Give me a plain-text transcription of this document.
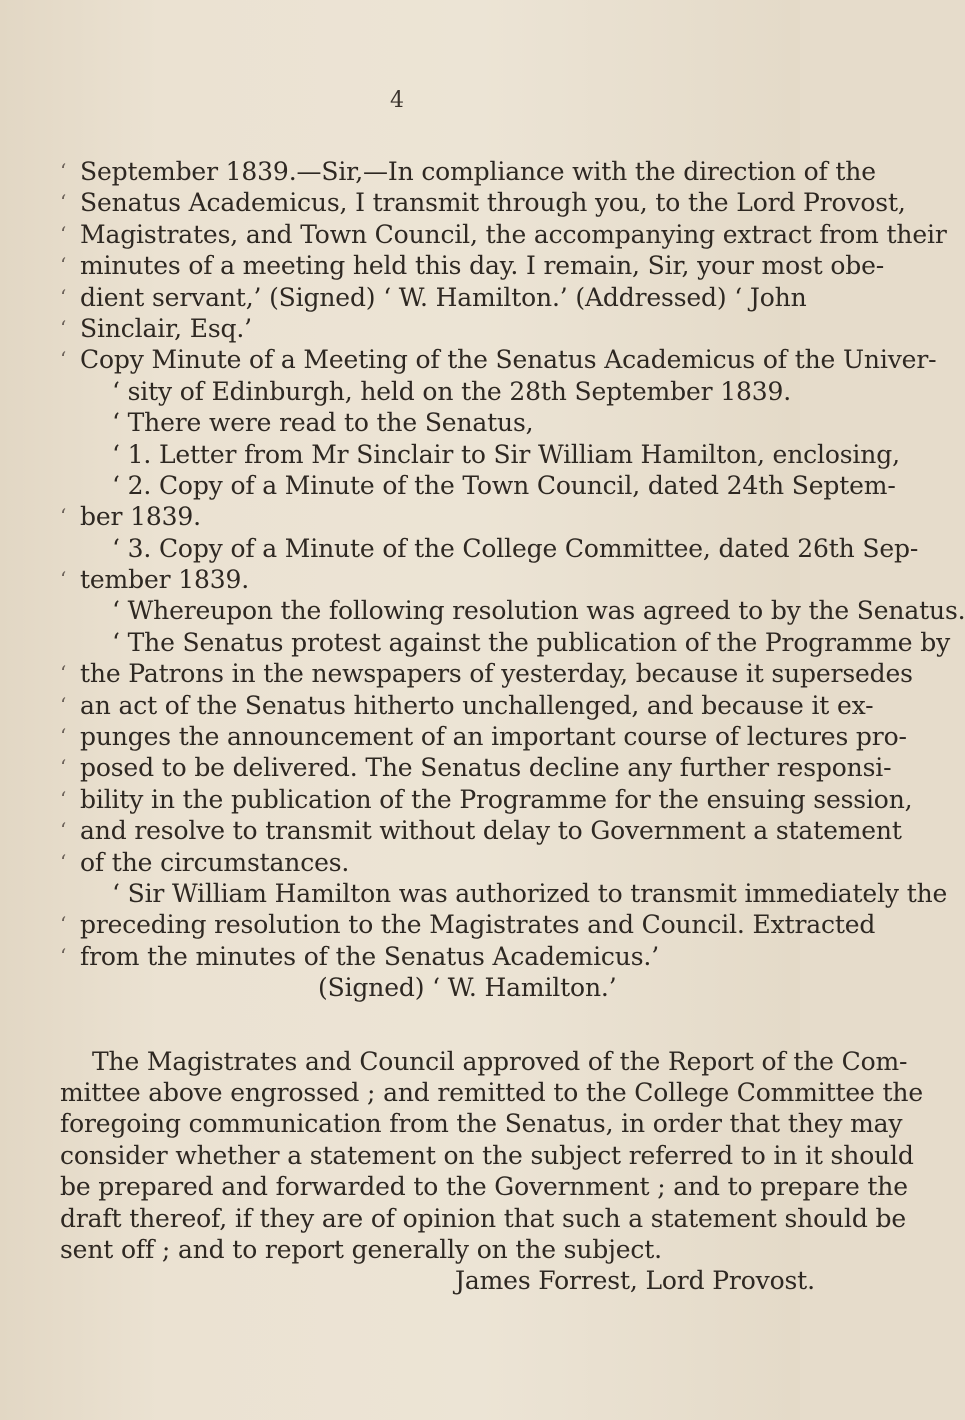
4
‘ September 1839.—Sir,—In compliance with the direction of the
‘ Senatus Academicus, I transmit through you, to the Lord Provost,
‘ Magistrates, and Town Council, the accompanying extract from their
‘ minutes of a meeting held this day. I remain, Sir, your most obe-
‘ dient servant,’ (Signed) ‘ W. Hamilton.’ (Addressed) ‘ John
‘ Sinclair, Esq.’
‘ Copy Minute of a Meeting of the Senatus Academicus of the Univer-
‘ sity of Edinburgh, held on the 28th September 1839.
‘ There were read to the Senatus,
‘ 1. Letter from Mr Sinclair to Sir William Hamilton, enclosing,
‘ 2. Copy of a Minute of the Town Council, dated 24th Septem-
‘ ber 1839.
‘ 3. Copy of a Minute of the College Committee, dated 26th Sep-
‘ tember 1839.
‘ Whereupon the following resolution was agreed to by the Senatus.
‘ The Senatus protest against the publication of the Programme by
‘ the Patrons in the newspapers of yesterday, because it supersedes
‘ an act of the Senatus hitherto unchallenged, and because it ex-
‘ punges the announcement of an important course of lectures pro-
‘ posed to be delivered. The Senatus decline any further responsi-
‘ bility in the publication of the Programme for the ensuing session,
‘ and resolve to transmit without delay to Government a statement
‘ of the circumstances.
‘ Sir William Hamilton was authorized to transmit immediately the
‘ preceding resolution to the Magistrates and Council. Extracted
‘ from the minutes of the Senatus Academicus.’
(Signed) ‘ W. Hamilton.’
The Magistrates and Council approved of the Report of the Com-
mittee above engrossed ; and remitted to the College Committee the
foregoing communication from the Senatus, in order that they may
consider whether a statement on the subject referred to in it should
be prepared and forwarded to the Government ; and to prepare the
draft thereof, if they are of opinion that such a statement should be
sent off ; and to report generally on the subject.
James Forrest, Lord Provost.
